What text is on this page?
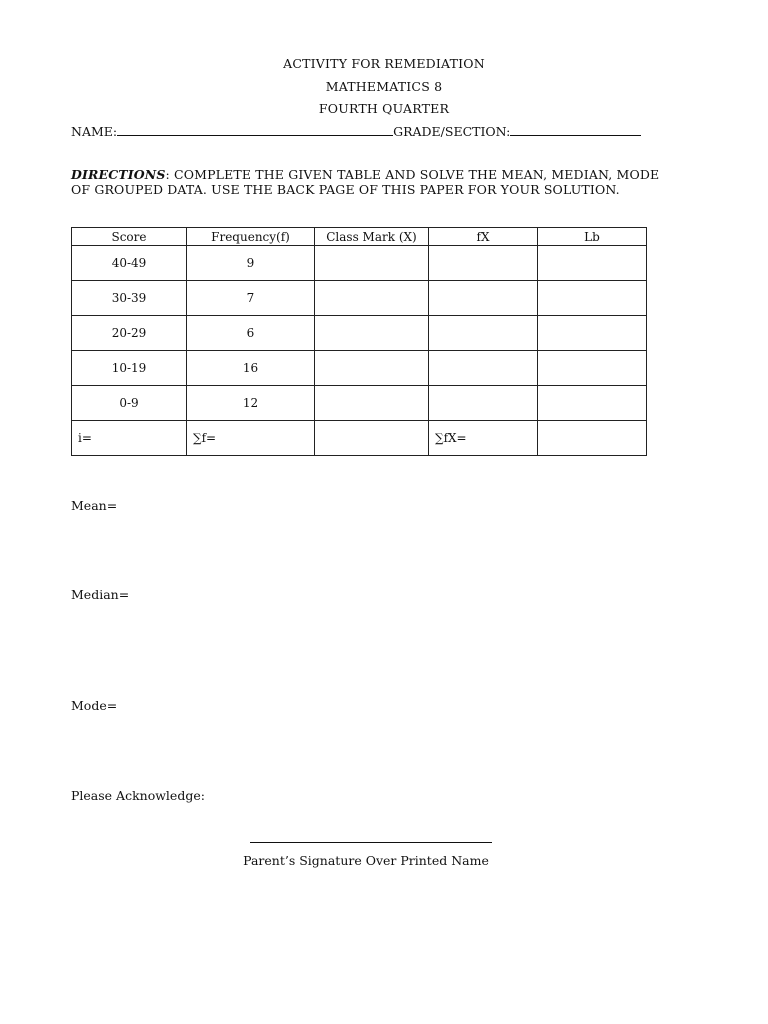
ACTIVITY FOR REMEDIATION
MATHEMATICS 8
FOURTH QUARTER
NAME:	GRADE/SECTION:
DIRECTIONS: COMPLETE THE GIVEN TABLE AND SOLVE THE MEAN, MEDIAN, MODE OF GROUPED DATA. USE THE BACK PAGE OF THIS PAPER FOR YOUR SOLUTION.
Score	Frequency(f)	Class Mark (X)	fX	Lb
40-49	9			
30-39	7			
20-29	6			
10-19	16			
0-9	12			
i=	∑f=		∑fX=	
Mean=
Median=
Mode=
Please Acknowledge:
Parent’s Signature Over Printed Name
